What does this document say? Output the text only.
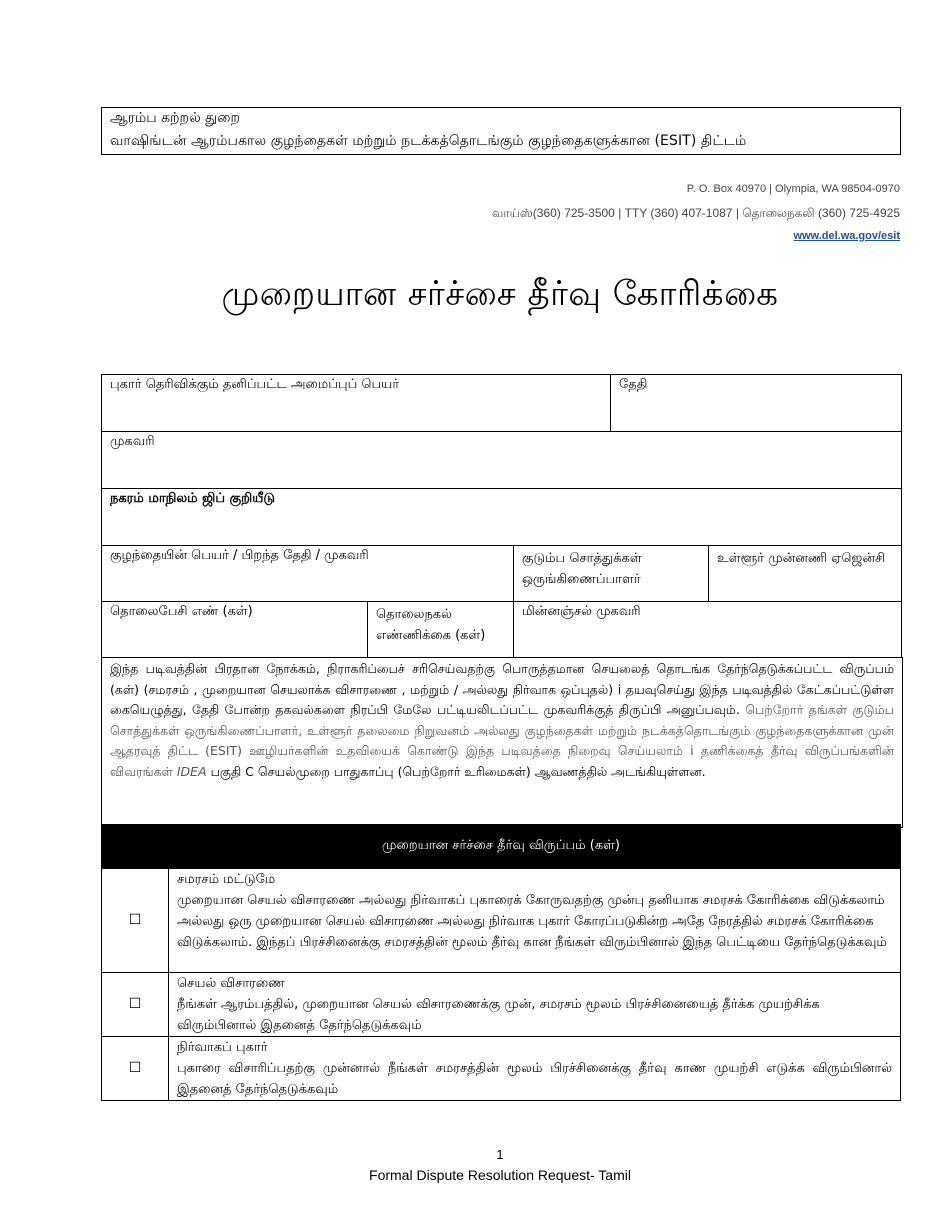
ஆரம்ப கற்றல் துறை
வாஷிங்டன் ஆரம்பகால குழந்தைகள் மற்றும் நடக்கத்தொடங்கும் குழந்தைகளுக்கான (ESIT) திட்டம்
P. O. Box 40970 | Olympia, WA 98504-0970
வாய்ஸ்(360) 725-3500 | TTY (360) 407-1087 | தொலைநகலி (360) 725-4925
www.del.wa.gov/esit
முறையான சர்ச்சை தீர்வு கோரிக்கை
புகார் தெரிவிக்கும் தனிப்பட்ட அமைப்புப் பெயர்	தேதி
முகவரி
நகரம் மாநிலம் ஜிப் குறியீடு
குழந்தையின் பெயர் / பிறந்த தேதி / முகவரி	குடும்ப சொத்துக்கள் ஒருங்கிணைப்பாளர்	உள்ளூர் முன்னணி ஏஜென்சி
தொலைபேசி எண் (கள்)	தொலைநகல் எண்ணிக்கை (கள்)	மின்னஞ்சல் முகவரி
இந்த படிவத்தின் பிரதான நோக்கம், நிராகரிப்பைச் சரிசெய்வதற்கு பொருத்தமான செயலைத் தொடங்க தேர்ந்தெடுக்கப்பட்ட விருப்பம் (கள்) (சமரசம் , முறையான செயலாக்க விசாரணை , மற்றும் / அல்லது நிர்வாக ஒப்புதல்) i தயவுசெய்து இந்த படிவத்தில் கேட்கப்பட்டுள்ள கையெழுத்து, தேதி போன்ற தகவல்களை நிரப்பி மேலே பட்டியலிடப்பட்ட முகவரிக்குத் திருப்பி அனுப்பவும். பெற்றோர் தங்கள் குடும்ப சொத்துக்கள் ஒருங்கிணைப்பாளர், உள்ளூர் தலைமை நிறுவனம் அல்லது குழந்தைகள் மற்றும் நடக்கத்தொடங்கும் குழந்தைகளுக்கான முன் ஆதரவுத் திட்ட (ESIT) ஊழியர்களின் உதவியைக் கொண்டு இந்த படிவத்தை நிறைவு செய்யலாம் i தணிக்கைத் தீர்வு விருப்பங்களின் விவரங்கள் IDEA பகுதி C செயல்முறை பாதுகாப்பு (பெற்றோர் உரிமைகள்) ஆவணத்தில் அடங்கியுள்ளன.
முறையான சர்ச்சை தீர்வு விருப்பம் (கள்)
☐	சமரசம் மட்டுமே
முறையான செயல் விசாரணை அல்லது நிர்வாகப் புகாரைக் கோருவதற்கு முன்பு தனியாக சமரசக் கோரிக்கை விடுக்கலாம் அல்லது ஒரு முறையான செயல் விசாரணை அல்லது நிர்வாக புகார் கோரப்படுகின்ற அதே நேரத்தில் சமரசக் கோரிக்கை விடுக்கலாம். இந்தப் பிரச்சினைக்கு சமரசத்தின் மூலம் தீர்வு கான நீங்கள் விரும்பினால் இந்த பெட்டியை தேர்ந்தெடுக்கவும்

☐	செயல் விசாரணை
நீங்கள் ஆரம்பத்தில், முறையான செயல் விசாரணைக்கு முன், சமரசம் மூலம் பிரச்சினையைத் தீர்க்க முயற்சிக்க விரும்பினால் இதனைத் தேர்ந்தெடுக்கவும்

☐	நிர்வாகப் புகார்
புகாரை விசாரிப்பதற்கு முன்னால் நீங்கள் சமரசத்தின் மூலம் பிரச்சினைக்கு தீர்வு காண முயற்சி எடுக்க விரும்பினால் இதனைத் தேர்ந்தெடுக்கவும்
1
Formal Dispute Resolution Request- Tamil
